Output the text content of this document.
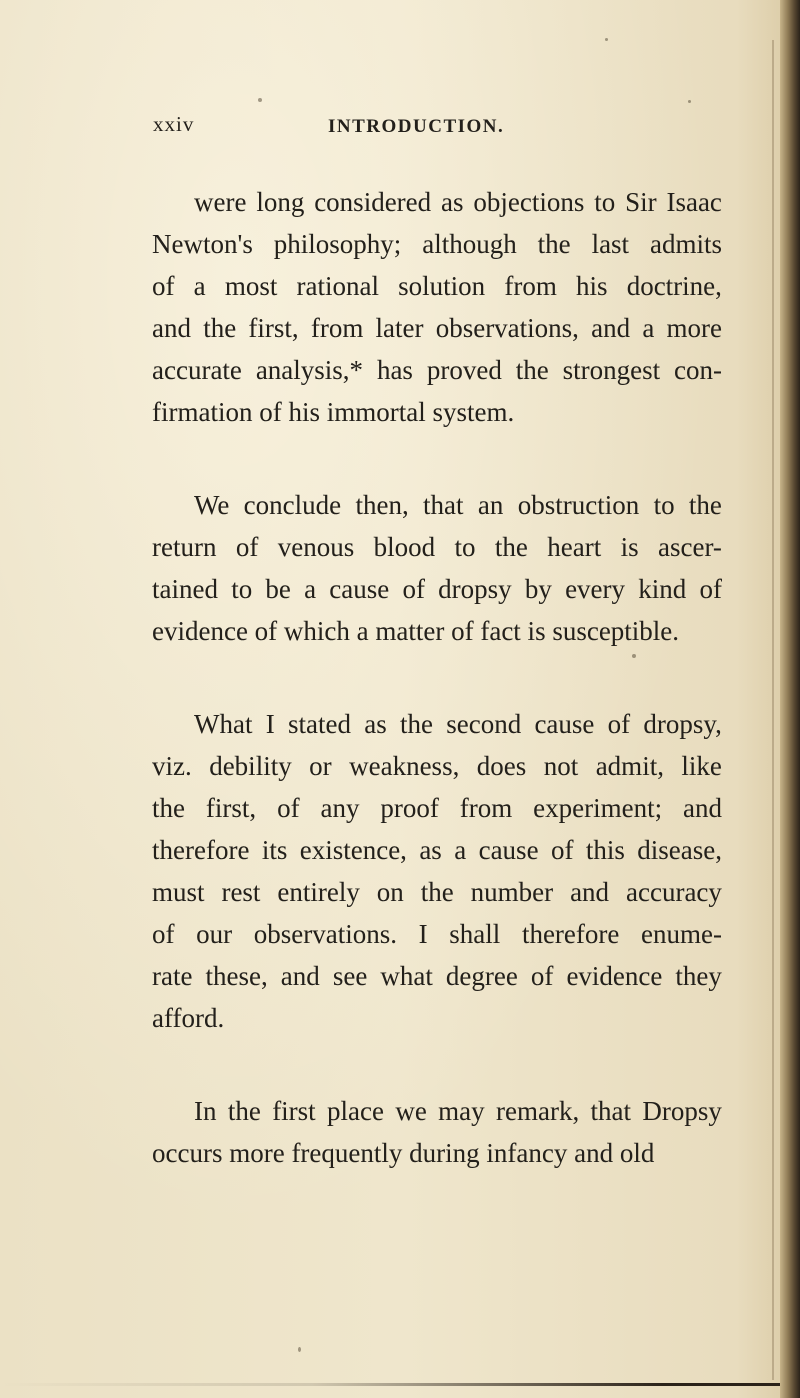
xxiv	INTRODUCTION.
were long considered as objections to Sir Isaac
Newton's philosophy; although the last admits
of a most rational solution from his doctrine,
and the first, from later observations, and a more
accurate analysis,* has proved the strongest con-
firmation of his immortal system.
We conclude then, that an obstruction to the
return of venous blood to the heart is ascer-
tained to be a cause of dropsy by every kind of
evidence of which a matter of fact is susceptible.
What I stated as the second cause of dropsy,
viz. debility or weakness, does not admit, like
the first, of any proof from experiment; and
therefore its existence, as a cause of this disease,
must rest entirely on the number and accuracy
of our observations. I shall therefore enume-
rate these, and see what degree of evidence they
afford.
In the first place we may remark, that Dropsy
occurs more frequently during infancy and old
